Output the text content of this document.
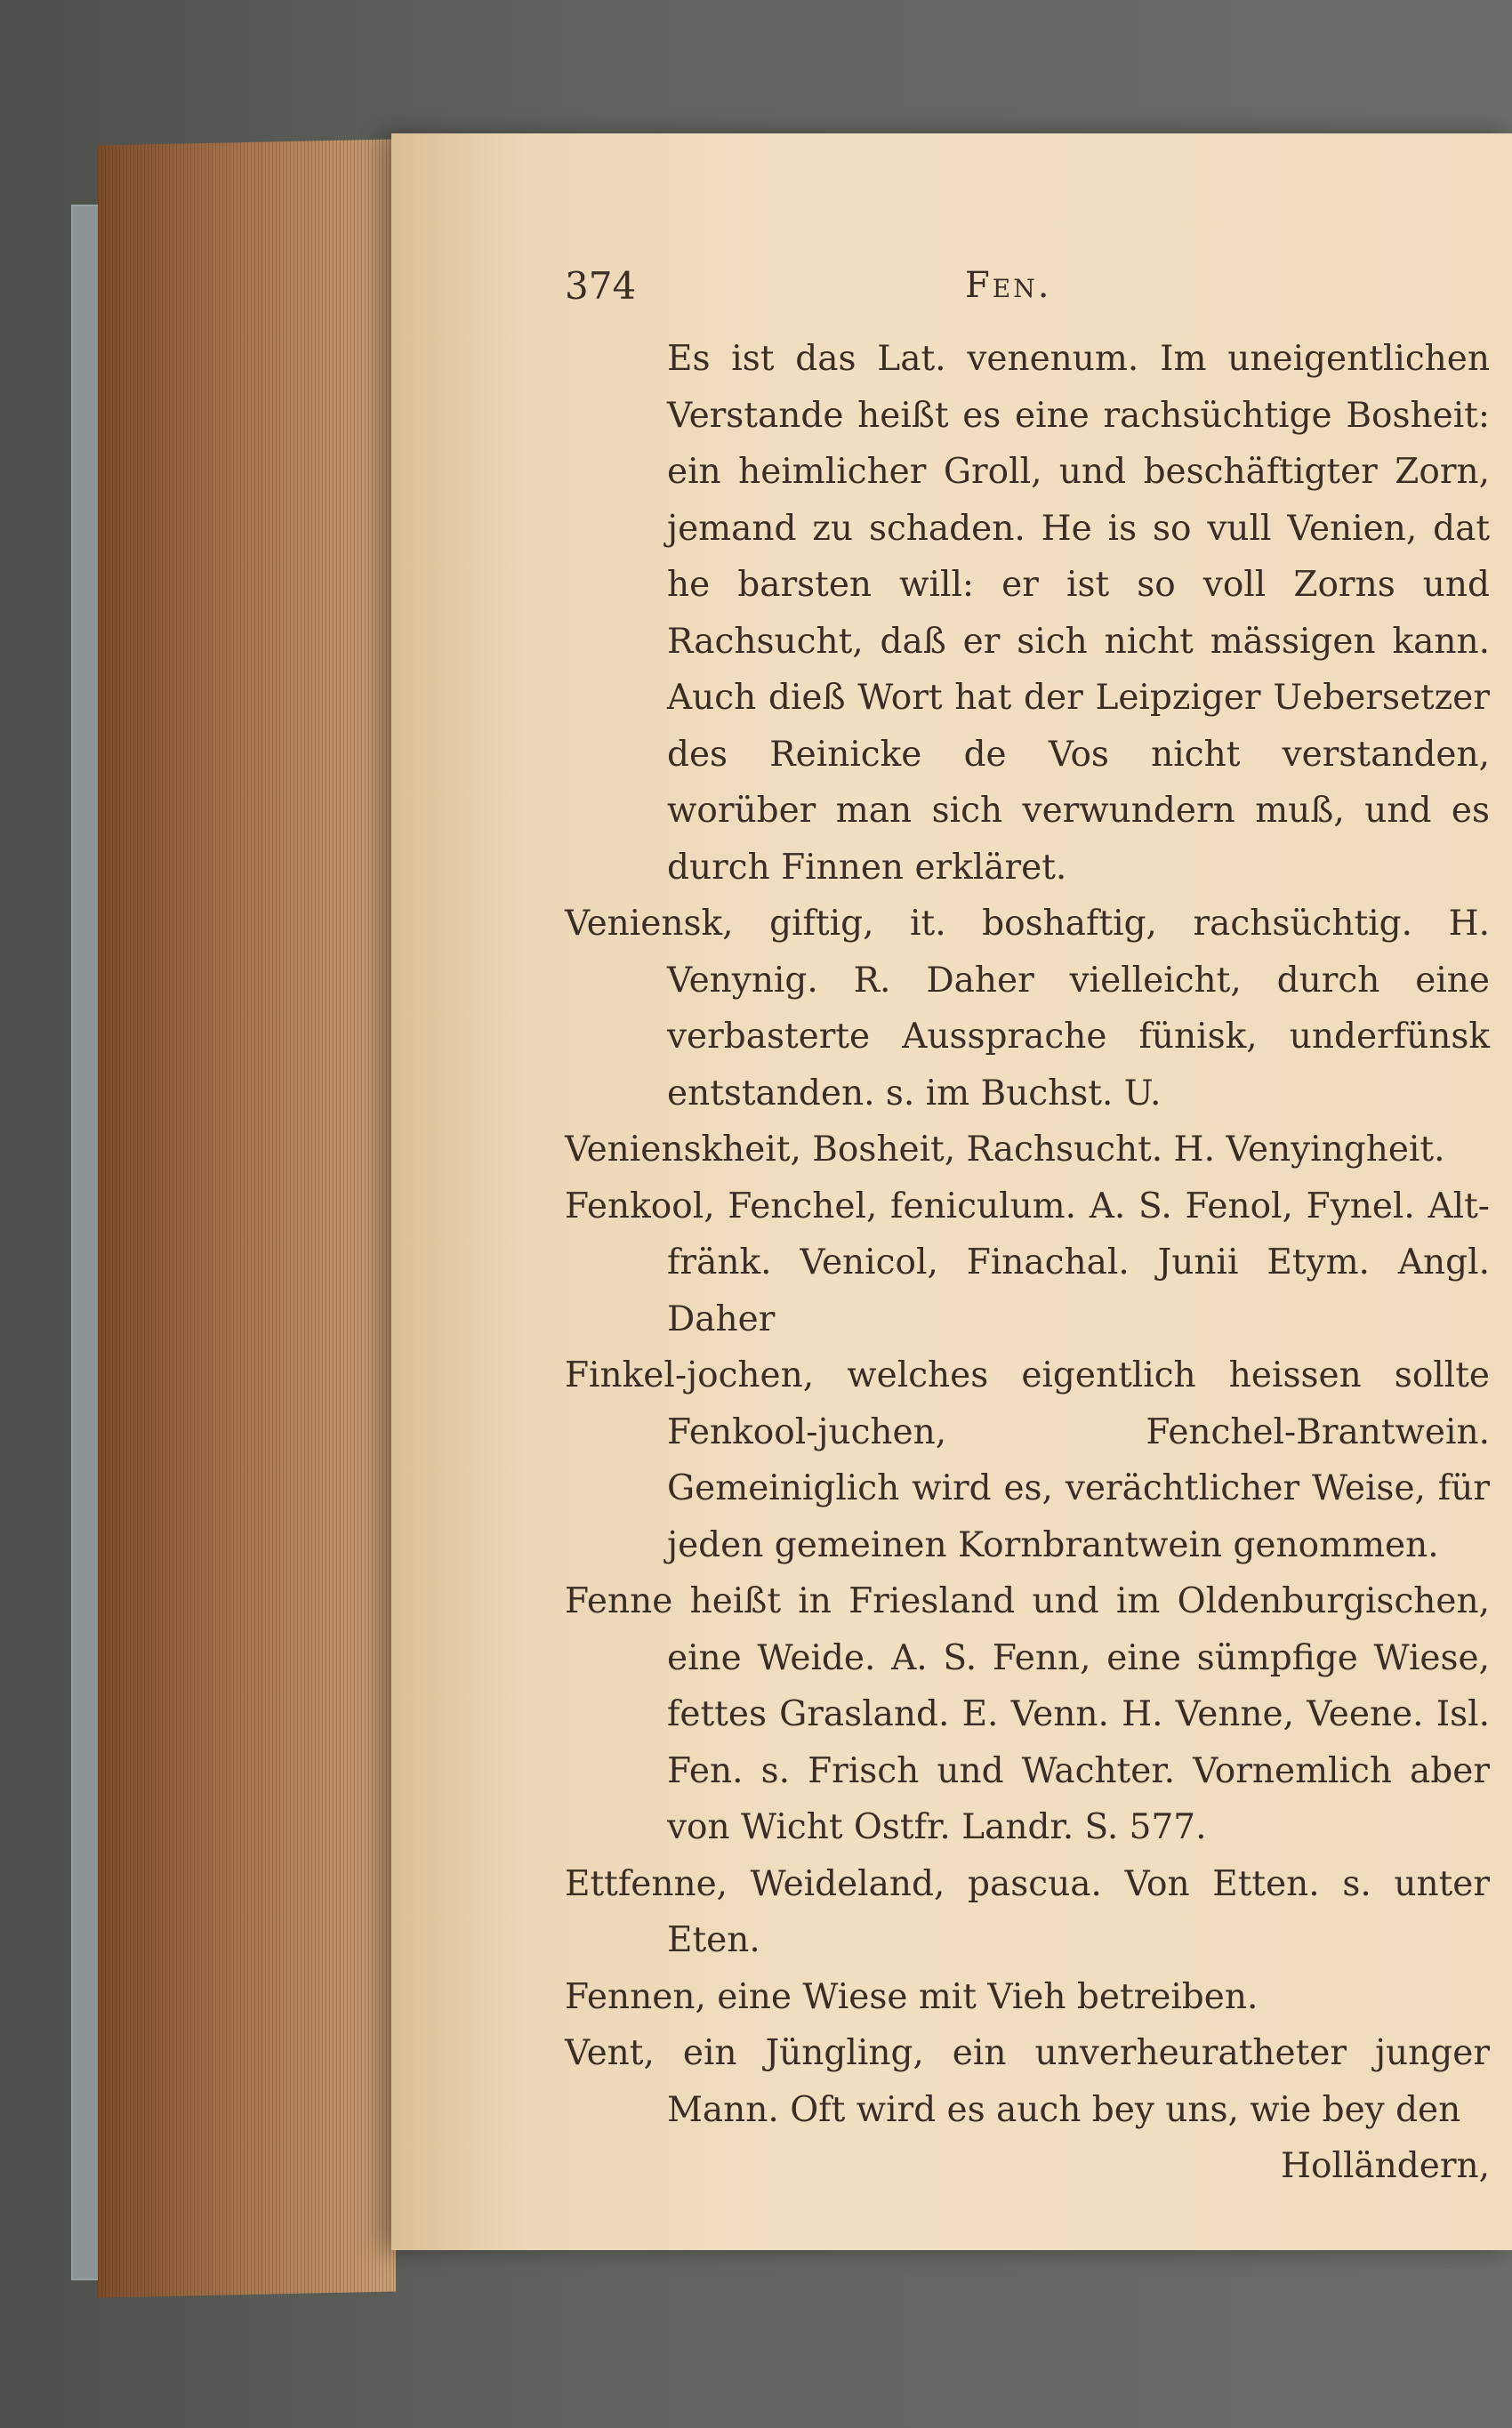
374	Fen.

Es ist das Lat. venenum. Im uneigentlichen Verstande heißt es eine rachsüchtige Bosheit: ein heimlicher Groll, und beschäftigter Zorn, jemand zu schaden. He is so vull Venien, dat he barsten will: er ist so voll Zorns und Rachsucht, daß er sich nicht mässigen kann. Auch dieß Wort hat der Leipziger Uebersetzer des Reinicke de Vos nicht verstanden, worüber man sich verwundern muß, und es durch Finnen erkläret.

Veniensk, giftig, it. boshaftig, rachsüchtig. H. Venynig. R. Daher vielleicht, durch eine verbasterte Aussprache fünisk, underfünsk entstanden. s. im Buchst. U.

Venienskheit, Bosheit, Rachsucht. H. Venyingheit.

Fenkool, Fenchel, feniculum. A. S. Fenol, Fynel. Alt-fränk. Venicol, Finachal. Junii Etym. Angl. Daher

Finkel-jochen, welches eigentlich heissen sollte Fenkool-juchen, Fenchel-Brantwein. Gemeiniglich wird es, verächtlicher Weise, für jeden gemeinen Kornbrantwein genommen.

Fenne heißt in Friesland und im Oldenburgischen, eine Weide. A. S. Fenn, eine sümpfige Wiese, fettes Grasland. E. Venn. H. Venne, Veene. Isl. Fen. s. Frisch und Wachter. Vornemlich aber von Wicht Ostfr. Landr. S. 577.

Ettfenne, Weideland, pascua. Von Etten. s. unter Eten.

Fennen, eine Wiese mit Vieh betreiben.

Vent, ein Jüngling, ein unverheuratheter junger Mann. Oft wird es auch bey uns, wie bey den

Holländern,
